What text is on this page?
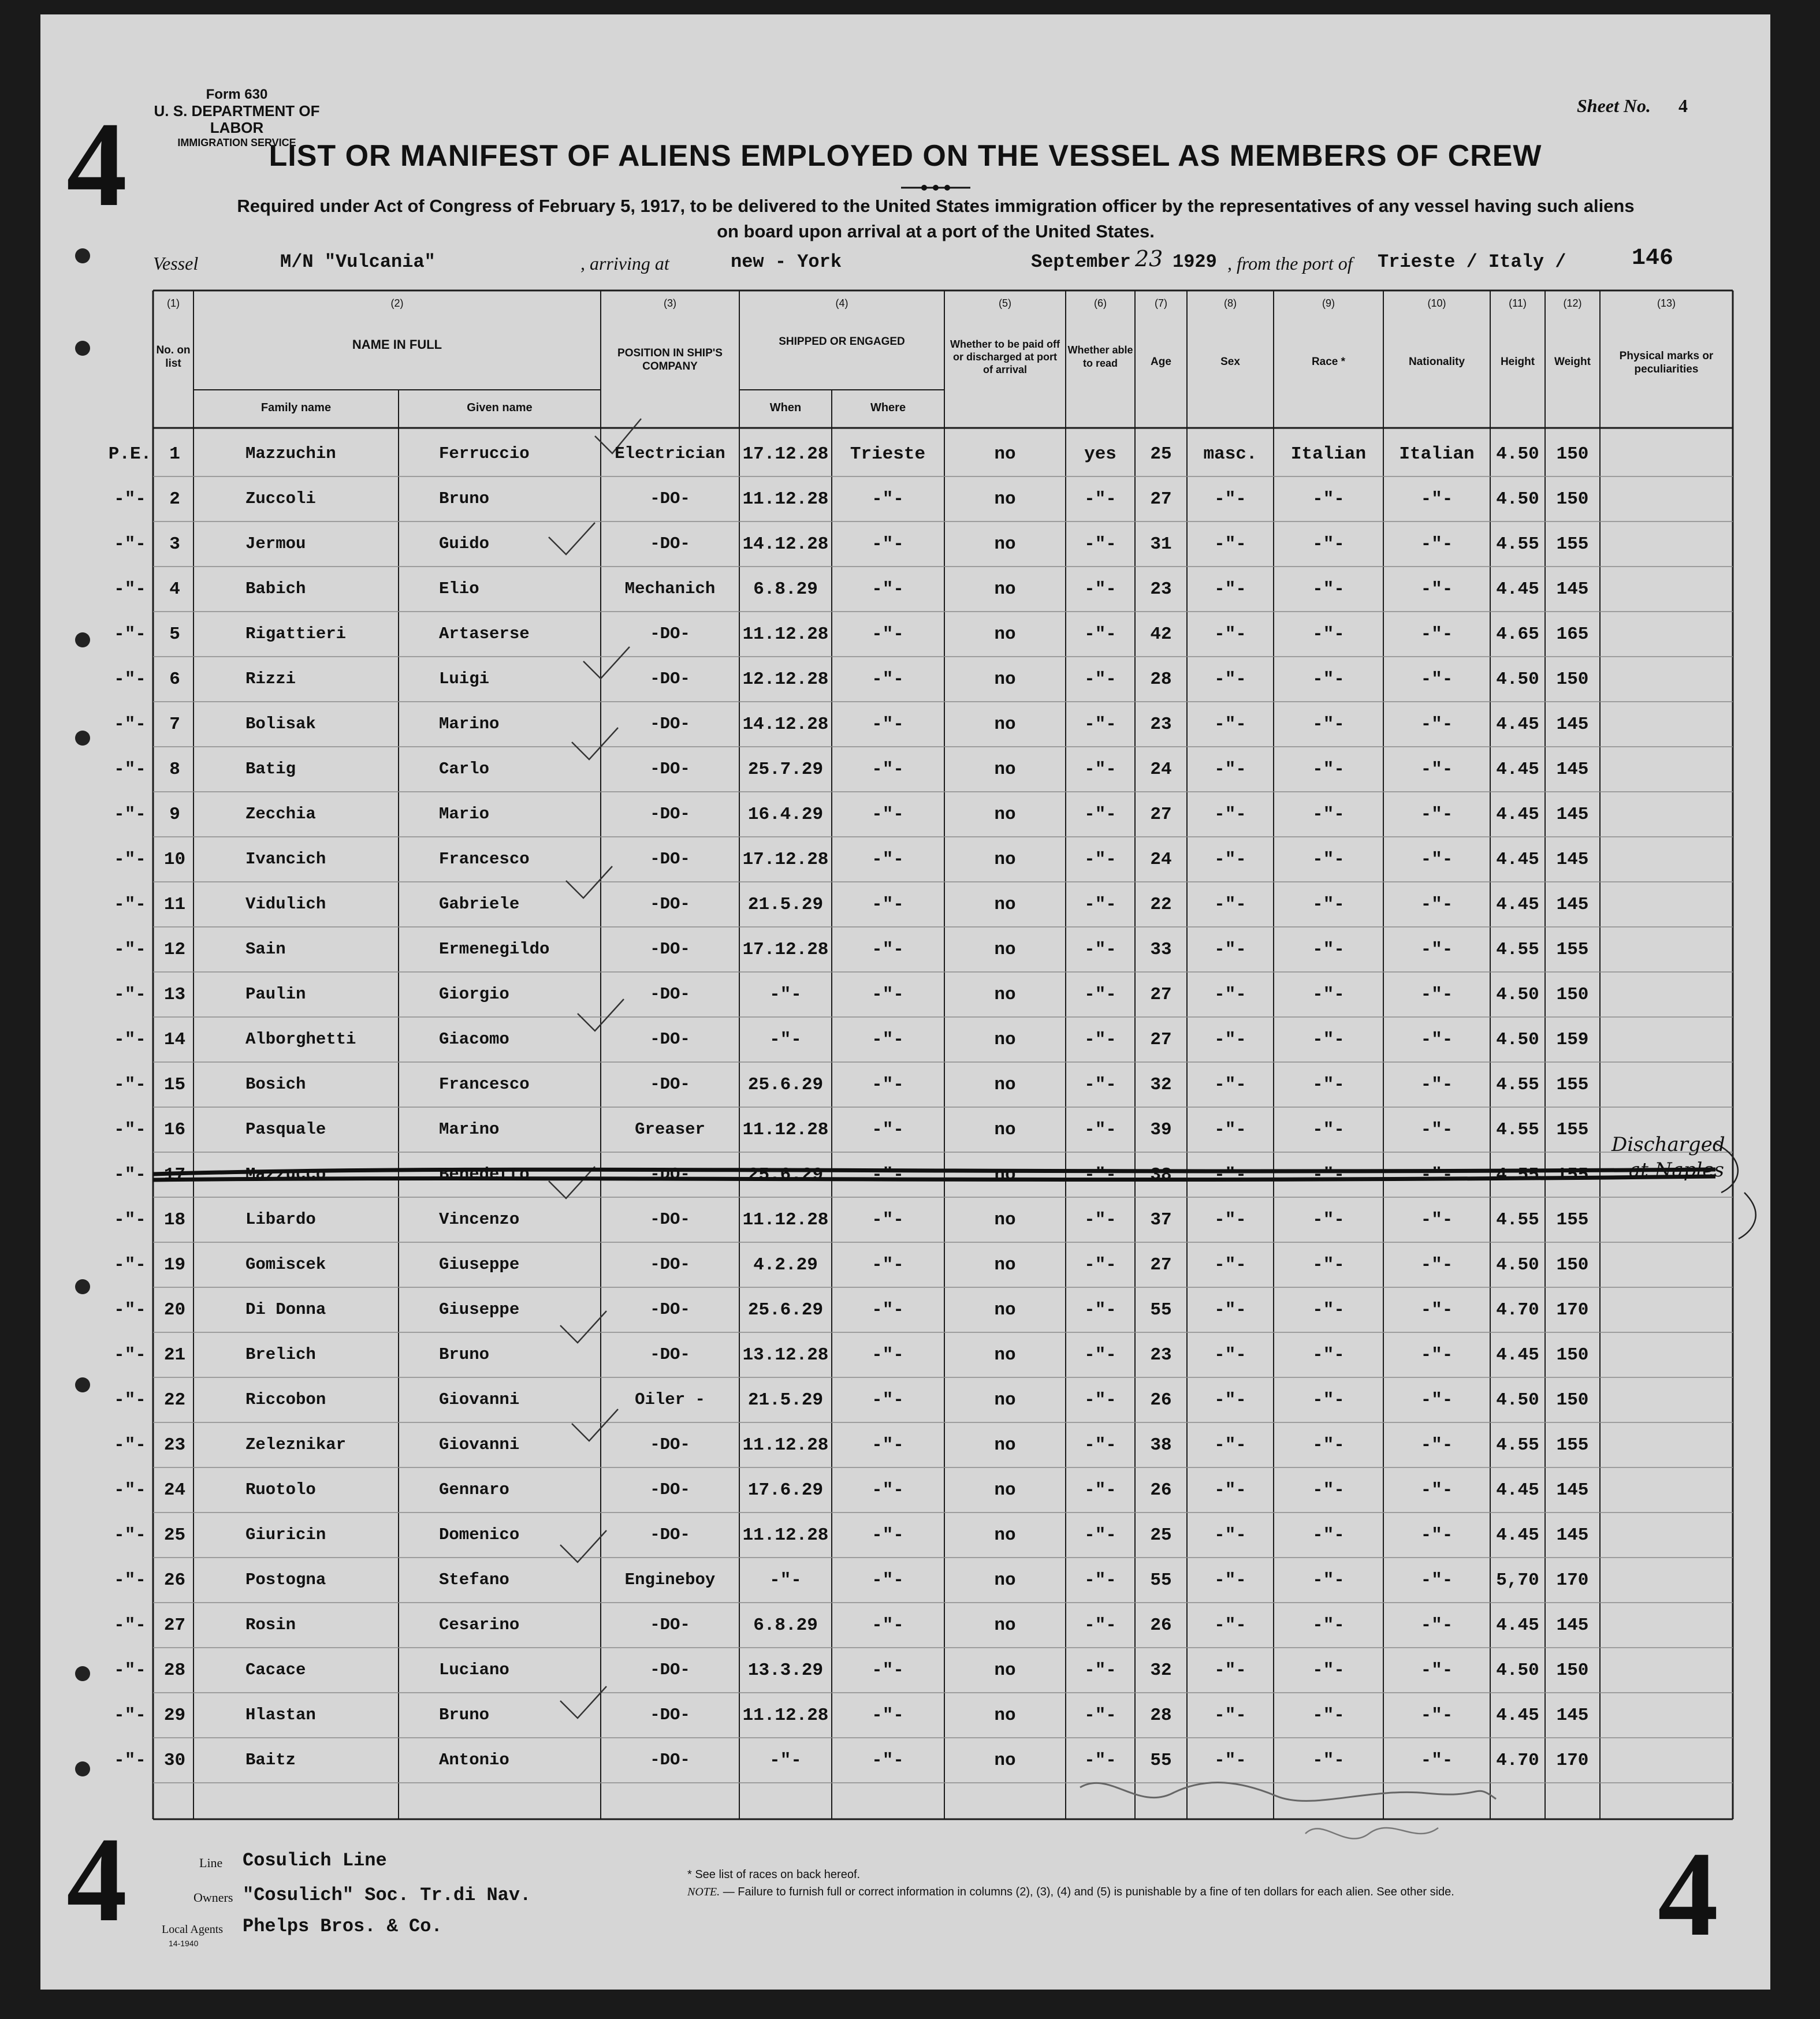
4
Form 630
U. S. DEPARTMENT OF LABOR
IMMIGRATION SERVICE
Sheet No. 4
LIST OR MANIFEST OF ALIENS EMPLOYED ON THE VESSEL AS MEMBERS OF CREW
Required under Act of Congress of February 5, 1917, to be delivered to the United States immigration officer by the representatives of any vessel having such aliens
on board upon arrival at a port of the United States.
Vessel	M/N "Vulcania"	, arriving at	new - York	September 23 1929 , from the port of Trieste / Italy /	146
(1)	(2)	(3)	(4)	(5)	(6)	(7)	(8)	(9)	(10)	(11)	(12)	(13)
No. on list
NAME IN FULL
Family name	Given name
POSITION IN SHIP'S COMPANY
SHIPPED OR ENGAGED
When	Where
Whether to be paid off or discharged at port of arrival
Whether able to read	Age	Sex	Race *	Nationality	Height	Weight	Physical marks or peculiarities
P.E. 1	Mazzuchin	Ferruccio	Electrician 17.12.28	Trieste	no	yes	25	masc.	Italian	Italian	4.50 150
-"-	2	Zuccoli	Bruno	-DO-	11.12.28	-"-	no	-"-	27	-"-	-"-	-"-	4.50 150
-"-	3	Jermou	Guido	-DO-	14.12.28	-"-	no	-"-	31	-"-	-"-	-"-	4.55 155
-"-	4	Babich	Elio	Mechanich	6.8.29	-"-	no	-"-	23	-"-	-"-	-"-	4.45 145
-"-	5	Rigattieri	Artaserse	-DO-	11.12.28	-"-	no	-"-	42	-"-	-"-	-"-	4.65 165
-"-	6	Rizzi	Luigi	-DO-	12.12.28	-"-	no	-"-	28	-"-	-"-	-"-	4.50 150
-"-	7	Bolisak	Marino	-DO-	14.12.28	-"-	no	-"-	23	-"-	-"-	-"-	4.45 145
-"-	8	Batig	Carlo	-DO-	25.7.29	-"-	no	-"-	24	-"-	-"-	-"-	4.45 145
-"-	9	Zecchia	Mario	-DO-	16.4.29	-"-	no	-"-	27	-"-	-"-	-"-	4.45 145
-"- 10	Ivancich	Francesco	-DO-	17.12.28	-"-	no	-"-	24	-"-	-"-	-"-	4.45 145
-"- 11	Vidulich	Gabriele	-DO-	21.5.29	-"-	no	-"-	22	-"-	-"-	-"-	4.45 145
-"- 12	Sain	Ermenegildo	-DO-	17.12.28	-"-	no	-"-	33	-"-	-"-	-"-	4.55 155
-"- 13	Paulin	Giorgio	-DO-	-"-	-"-	no	-"-	27	-"-	-"-	-"-	4.50 150
-"- 14	Alborghetti	Giacomo	-DO-	-"-	-"-	no	-"-	27	-"-	-"-	-"-	4.50 159
-"- 15	Bosich	Francesco	-DO-	25.6.29	-"-	no	-"-	32	-"-	-"-	-"-	4.55 155
-"- 16	Pasquale	Marino	Greaser	11.12.28	-"-	no	-"-	39	-"-	-"-	-"-	4.55 155
-"- 17	Mazzucco	Benedetto	-DO-	25.6.29	-"-	no	-"-	38	-"-	-"-	-"-	4.55 155
-"- 18	Libardo	Vincenzo	-DO-	11.12.28	-"-	no	-"-	37	-"-	-"-	-"-	4.55 155
-"- 19	Gomiscek	Giuseppe	-DO-	4.2.29	-"-	no	-"-	27	-"-	-"-	-"-	4.50 150
-"- 20	Di Donna	Giuseppe	-DO-	25.6.29	-"-	no	-"-	55	-"-	-"-	-"-	4.70 170
-"- 21	Brelich	Bruno	-DO-	13.12.28	-"-	no	-"-	23	-"-	-"-	-"-	4.45 150
-"- 22	Riccobon	Giovanni	Oiler -	21.5.29	-"-	no	-"-	26	-"-	-"-	-"-	4.50 150
-"- 23	Zeleznikar	Giovanni	-DO-	11.12.28	-"-	no	-"-	38	-"-	-"-	-"-	4.55 155
-"- 24	Ruotolo	Gennaro	-DO-	17.6.29	-"-	no	-"-	26	-"-	-"-	-"-	4.45 145
-"- 25	Giuricin	Domenico	-DO-	11.12.28	-"-	no	-"-	25	-"-	-"-	-"-	4.45 145
-"- 26	Postogna	Stefano	Engineboy	-"-	-"-	no	-"-	55	-"-	-"-	-"-	5,70 170
-"- 27	Rosin	Cesarino	-DO-	6.8.29	-"-	no	-"-	26	-"-	-"-	-"-	4.45 145
-"- 28	Cacace	Luciano	-DO-	13.3.29	-"-	no	-"-	32	-"-	-"-	-"-	4.50 150
-"- 29	Hlastan	Bruno	-DO-	11.12.28	-"-	no	-"-	28	-"-	-"-	-"-	4.45 145
-"- 30	Baitz	Antonio	-DO-	-"-	-"-	no	-"-	55	-"-	-"-	-"-	4.70 170
Discharged
at Naples
4	4
Line Cosulich Line
Owners "Cosulich" Soc. Tr.di Nav.
Local Agents Phelps Bros. & Co.
14-1940
* See list of races on back hereof.
NOTE. — Failure to furnish full or correct information in columns (2), (3), (4) and (5) is punishable by a fine of ten dollars for each alien. See other side.
